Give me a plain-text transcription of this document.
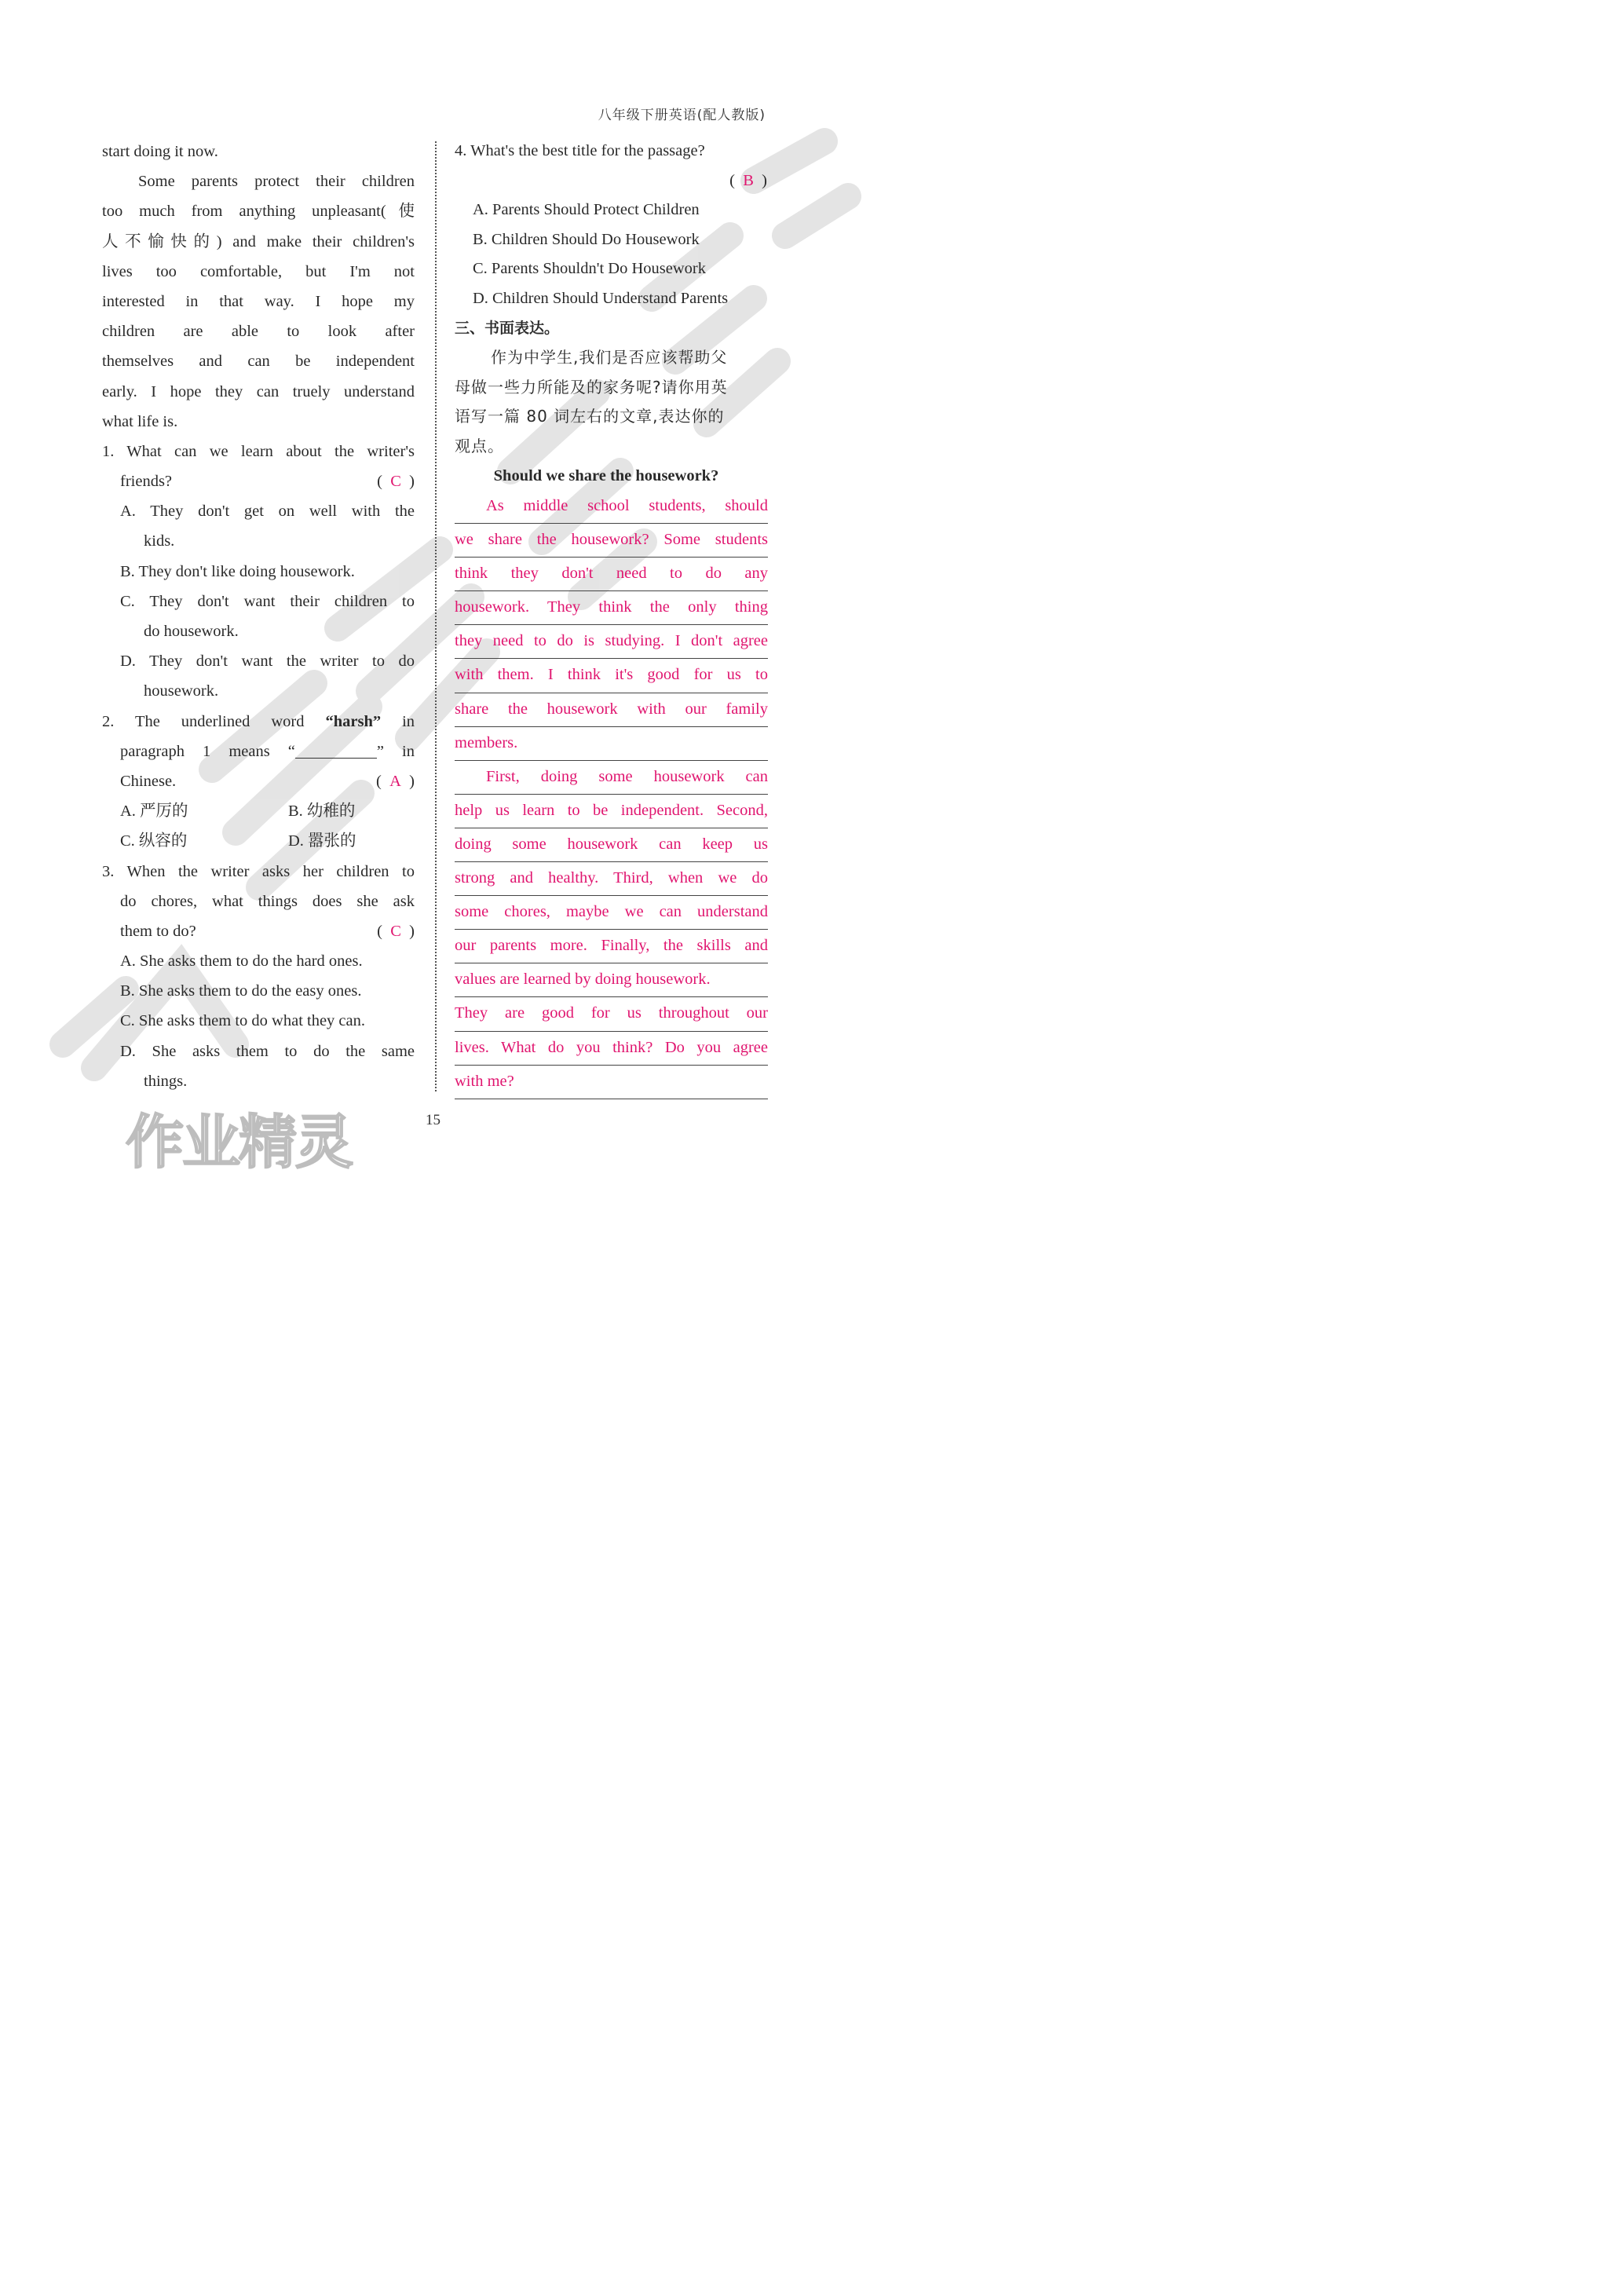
作业精灵
八年级下册英语(配人教版)
start doing it now.
Some parents protect their children
too much from anything unpleasant(使
人不愉快的) and make their children's
lives too comfortable, but I'm not
interested in that way. I hope my
children are able to look after
themselves and can be independent
early. I hope they can truely understand
what life is.
1. What can we learn about the writer's
friends?	(  C  )
A. They don't get on well with the
kids.
B. They don't like doing housework.
C. They don't want their children to
do housework.
D. They don't want the writer to do
housework.
2. The underlined word “harsh” in
paragraph 1 means “	” in
Chinese.	(  A  )
A. 严厉的	B. 幼稚的
C. 纵容的	D. 嚣张的
3. When the writer asks her children to
do chores, what things does she ask
them to do?	(  C  )
A. She asks them to do the hard ones.
B. She asks them to do the easy ones.
C. She asks them to do what they can.
D. She asks them to do the same
things.
4. What's the best title for the passage?
(  B  )
A. Parents Should Protect Children
B. Children Should Do Housework
C. Parents Shouldn't Do Housework
D. Children Should Understand Parents
三、书面表达。
作为中学生,我们是否应该帮助父
母做一些力所能及的家务呢?请你用英
语写一篇 80 词左右的文章,表达你的
观点。
Should we share the housework?
As middle school students, should
we share the housework? Some students
think they don't need to do any
housework. They think the only thing
they need to do is studying. I don't agree
with them. I think it's good for us to
share the housework with our family
members.
First, doing some housework can
help us learn to be independent. Second,
doing some housework can keep us
strong and healthy. Third, when we do
some chores, maybe we can understand
our parents more. Finally, the skills and
values are learned by doing housework.
They are good for us throughout our
lives. What do you think? Do you agree
with me?
15
